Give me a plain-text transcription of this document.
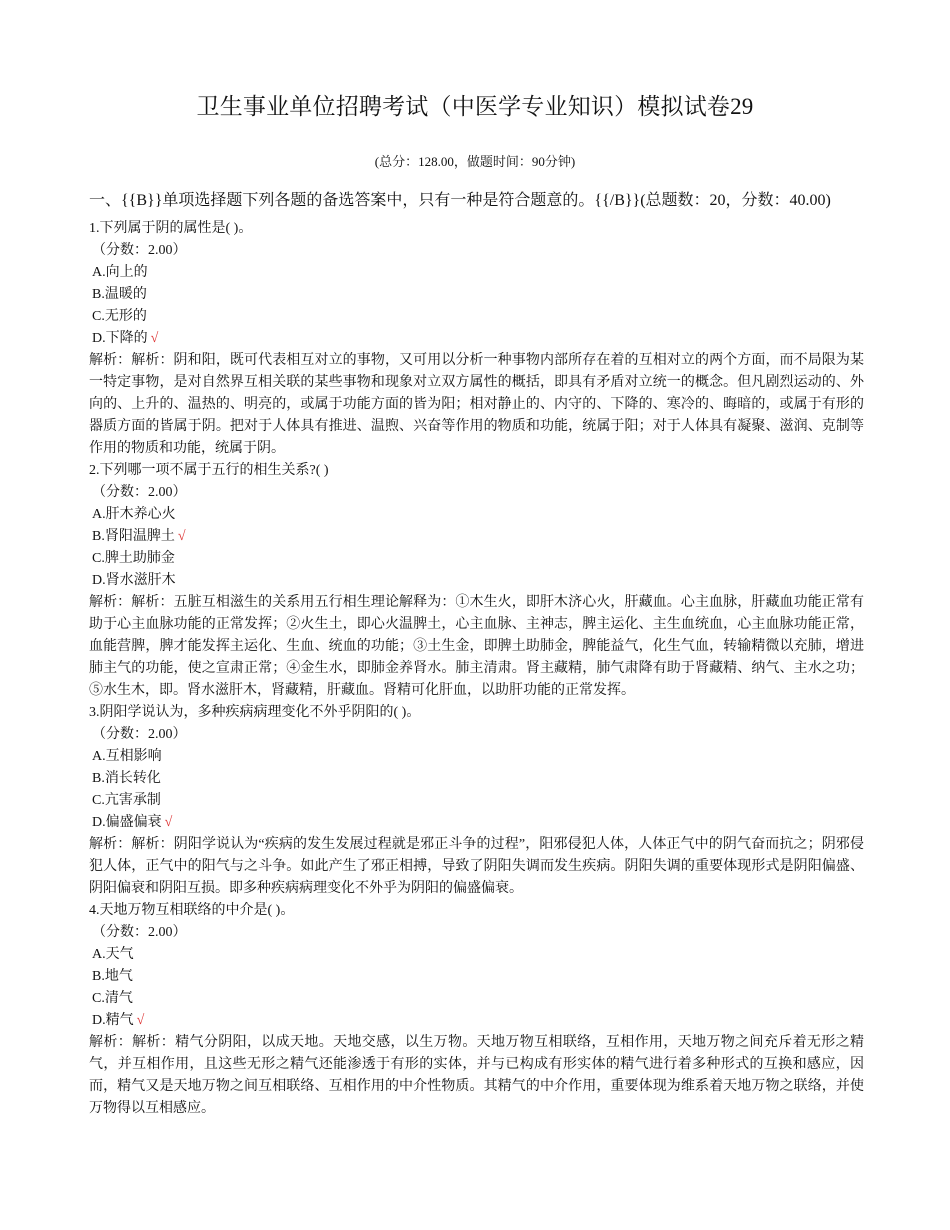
卫生事业单位招聘考试（中医学专业知识）模拟试卷29
(总分：128.00，做题时间：90分钟)
一、{{B}}单项选择题下列各题的备选答案中，只有一种是符合题意的。{{/B}}(总题数：20，分数：40.00)
1.下列属于阴的属性是( )。
（分数：2.00）
A.向上的
B.温暖的
C.无形的
D.下降的 √
解析：解析：阴和阳，既可代表相互对立的事物，又可用以分析一种事物内部所存在着的互相对立的两个方面，而不局限为某一特定事物，是对自然界互相关联的某些事物和现象对立双方属性的概括，即具有矛盾对立统一的概念。但凡剧烈运动的、外向的、上升的、温热的、明亮的，或属于功能方面的皆为阳；相对静止的、内守的、下降的、寒冷的、晦暗的，或属于有形的器质方面的皆属于阴。把对于人体具有推进、温煦、兴奋等作用的物质和功能，统属于阳；对于人体具有凝聚、滋润、克制等作用的物质和功能，统属于阴。
2.下列哪一项不属于五行的相生关系?( )
（分数：2.00）
A.肝木养心火
B.肾阳温脾土 √
C.脾土助肺金
D.肾水滋肝木
解析：解析：五脏互相滋生的关系用五行相生理论解释为：①木生火，即肝木济心火，肝藏血。心主血脉，肝藏血功能正常有助于心主血脉功能的正常发挥；②火生土，即心火温脾土，心主血脉、主神志，脾主运化、主生血统血，心主血脉功能正常，血能营脾，脾才能发挥主运化、生血、统血的功能；③土生金，即脾土助肺金，脾能益气，化生气血，转输精微以充肺，增进肺主气的功能，使之宣肃正常；④金生水，即肺金养肾水。肺主清肃。肾主藏精，肺气肃降有助于肾藏精、纳气、主水之功；⑤水生木，即。肾水滋肝木，肾藏精，肝藏血。肾精可化肝血，以助肝功能的正常发挥。
3.阴阳学说认为，多种疾病病理变化不外乎阴阳的( )。
（分数：2.00）
A.互相影响
B.消长转化
C.亢害承制
D.偏盛偏衰 √
解析：解析：阴阳学说认为“疾病的发生发展过程就是邪正斗争的过程”，阳邪侵犯人体，人体正气中的阴气奋而抗之；阴邪侵犯人体，正气中的阳气与之斗争。如此产生了邪正相搏，导致了阴阳失调而发生疾病。阴阳失调的重要体现形式是阴阳偏盛、阴阳偏衰和阴阳互损。即多种疾病病理变化不外乎为阴阳的偏盛偏衰。
4.天地万物互相联络的中介是( )。
（分数：2.00）
A.天气
B.地气
C.清气
D.精气 √
解析：解析：精气分阴阳，以成天地。天地交感，以生万物。天地万物互相联络，互相作用，天地万物之间充斥着无形之精气，并互相作用，且这些无形之精气还能渗透于有形的实体，并与已构成有形实体的精气进行着多种形式的互换和感应，因而，精气又是天地万物之间互相联络、互相作用的中介性物质。其精气的中介作用，重要体现为维系着天地万物之联络，并使万物得以互相感应。
